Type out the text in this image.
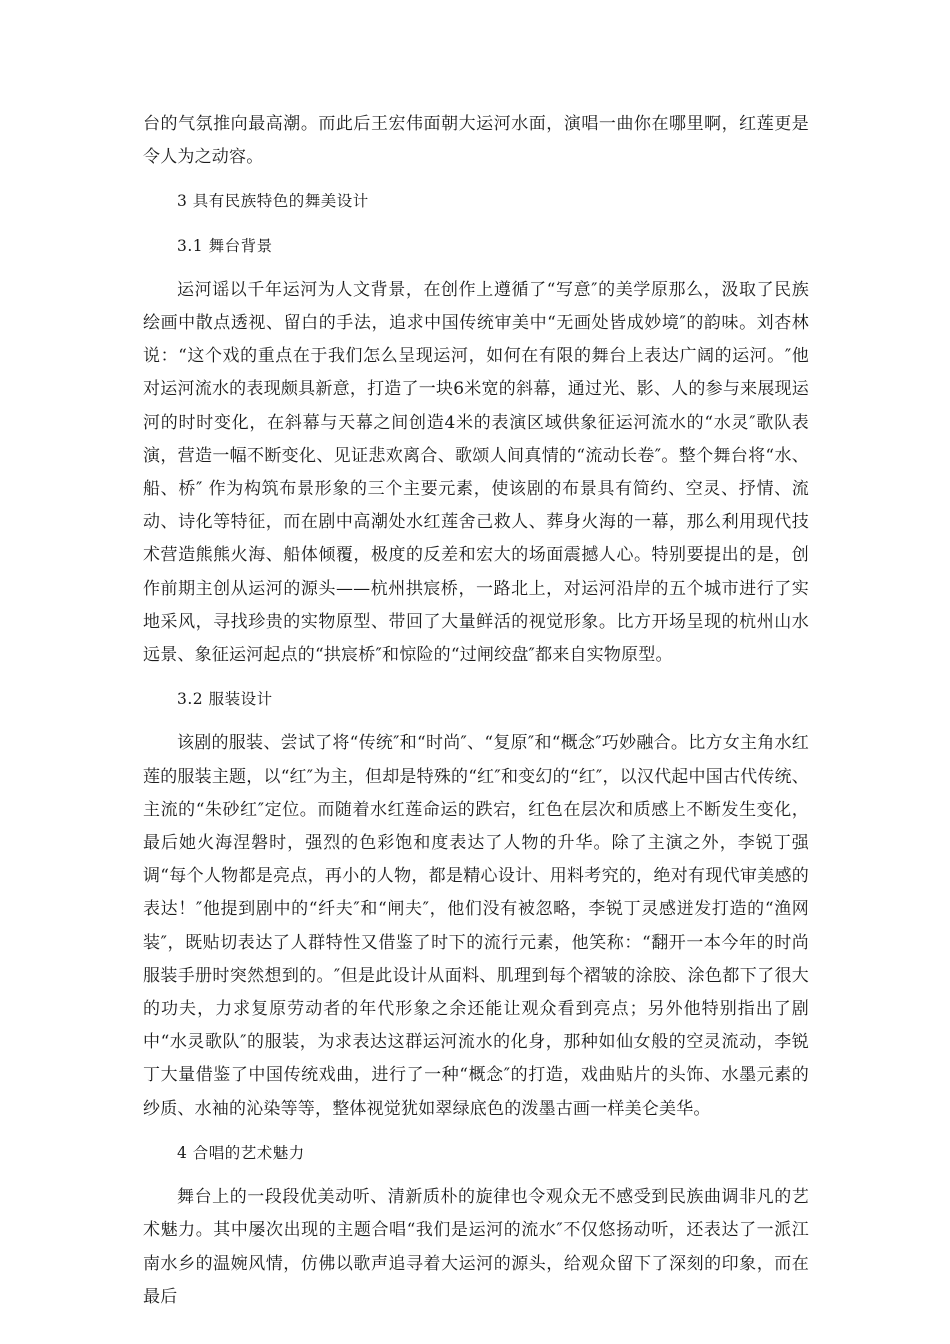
台的气氛推向最高潮。而此后王宏伟面朝大运河水面，演唱一曲你在哪里啊，红莲更是令人为之动容。

3 具有民族特色的舞美设计

3.1 舞台背景

运河谣以千年运河为人文背景，在创作上遵循了“写意″的美学原那么，汲取了民族绘画中散点透视、留白的手法，追求中国传统审美中“无画处皆成妙境″的韵味。刘杏林说：“这个戏的重点在于我们怎么呈现运河，如何在有限的舞台上表达广阔的运河。″他对运河流水的表现颇具新意，打造了一块6米宽的斜幕，通过光、影、人的参与来展现运河的时时变化，在斜幕与天幕之间创造4米的表演区域供象征运河流水的“水灵″歌队表演，营造一幅不断变化、见证悲欢离合、歌颂人间真情的“流动长卷″。整个舞台将“水、船、桥″ 作为构筑布景形象的三个主要元素，使该剧的布景具有简约、空灵、抒情、流动、诗化等特征，而在剧中高潮处水红莲舍己救人、葬身火海的一幕，那么利用现代技术营造熊熊火海、船体倾覆，极度的反差和宏大的场面震撼人心。特别要提出的是，创作前期主创从运河的源头——杭州拱宸桥，一路北上，对运河沿岸的五个城市进行了实地采风，寻找珍贵的实物原型、带回了大量鲜活的视觉形象。比方开场呈现的杭州山水远景、象征运河起点的“拱宸桥″和惊险的“过闸绞盘″都来自实物原型。

3.2 服装设计

该剧的服装、尝试了将“传统″和“时尚″、“复原″和“概念″巧妙融合。比方女主角水红莲的服装主题，以“红″为主，但却是特殊的“红″和变幻的“红″，以汉代起中国古代传统、主流的“朱砂红″定位。而随着水红莲命运的跌宕，红色在层次和质感上不断发生变化，最后她火海涅磐时，强烈的色彩饱和度表达了人物的升华。除了主演之外，李锐丁强调“每个人物都是亮点，再小的人物，都是精心设计、用料考究的，绝对有现代审美感的表达！″他提到剧中的“纤夫″和“闸夫″，他们没有被忽略，李锐丁灵感迸发打造的“渔网装″，既贴切表达了人群特性又借鉴了时下的流行元素，他笑称：“翻开一本今年的时尚服装手册时突然想到的。″但是此设计从面料、肌理到每个褶皱的涂胶、涂色都下了很大的功夫，力求复原劳动者的年代形象之余还能让观众看到亮点；另外他特别指出了剧中“水灵歌队″的服装，为求表达这群运河流水的化身，那种如仙女般的空灵流动，李锐丁大量借鉴了中国传统戏曲，进行了一种“概念″的打造，戏曲贴片的头饰、水墨元素的纱质、水袖的沁染等等，整体视觉犹如翠绿底色的泼墨古画一样美仑美华。

4 合唱的艺术魅力

舞台上的一段段优美动听、清新质朴的旋律也令观众无不感受到民族曲调非凡的艺术魅力。其中屡次出现的主题合唱“我们是运河的流水″不仅悠扬动听，还表达了一派江南水乡的温婉风情，仿佛以歌声追寻着大运河的源头，给观众留下了深刻的印象，而在最后
